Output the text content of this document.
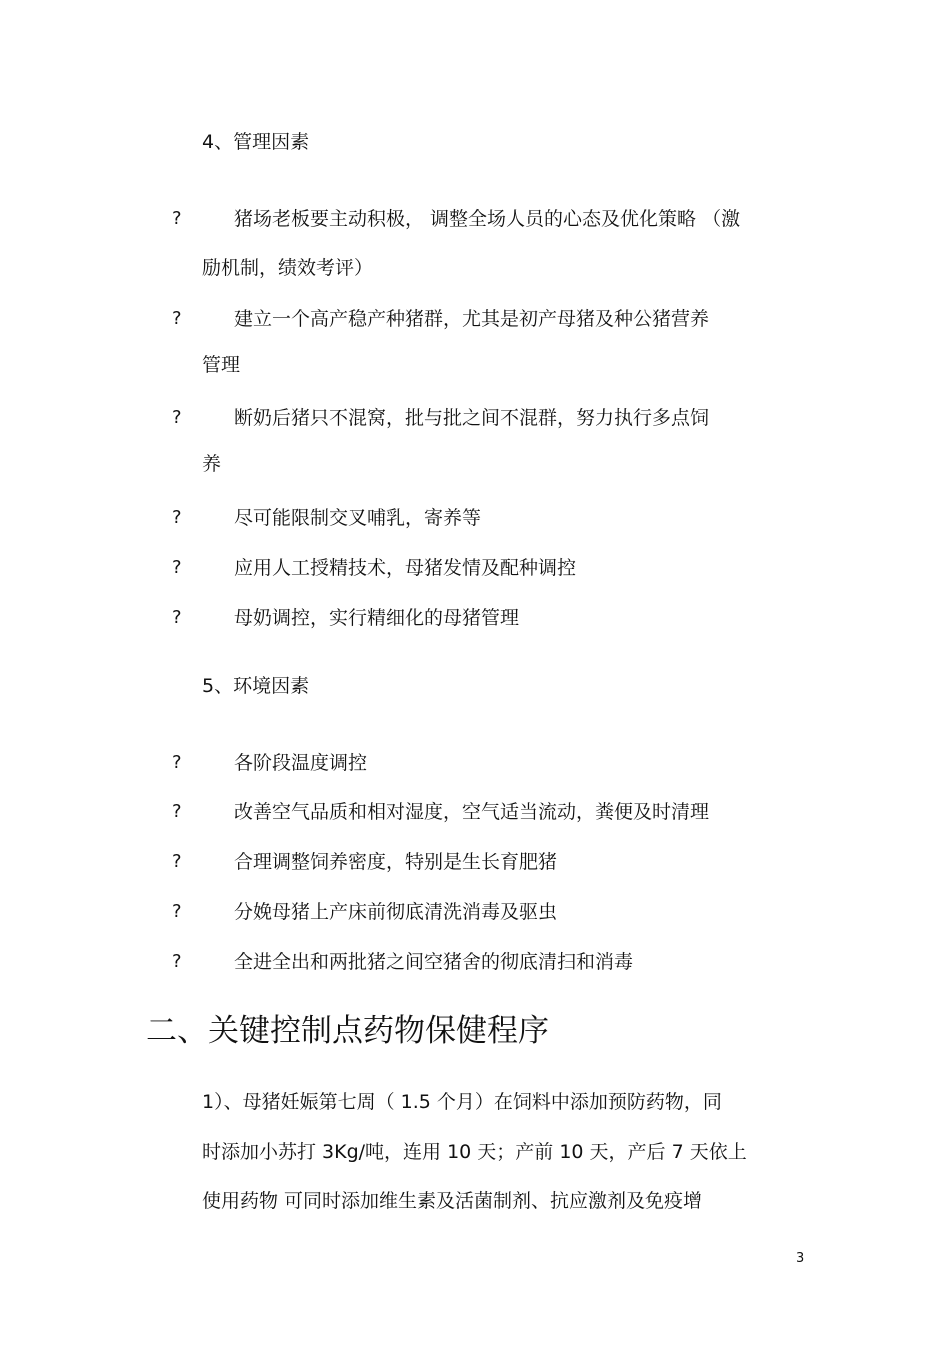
4、管理因素
?	猪场老板要主动积极， 调整全场人员的心态及优化策略 （激
励机制，绩效考评）
?	建立一个高产稳产种猪群，尤其是初产母猪及种公猪营养
管理
?	断奶后猪只不混窝，批与批之间不混群，努力执行多点饲
养
?	尽可能限制交叉哺乳，寄养等
?	应用人工授精技术，母猪发情及配种调控
?	母奶调控，实行精细化的母猪管理
5、环境因素
?	各阶段温度调控
?	改善空气品质和相对湿度，空气适当流动，粪便及时清理
?	合理调整饲养密度，特别是生长育肥猪
?	分娩母猪上产床前彻底清洗消毒及驱虫
?	全进全出和两批猪之间空猪舍的彻底清扫和消毒
二、关键控制点药物保健程序
1）、母猪妊娠第七周（ 1.5 个月）在饲料中添加预防药物，同
时添加小苏打 3Kg/吨，连用 10 天；产前 10 天，产后 7 天依上
使用药物 可同时添加维生素及活菌制剂、抗应激剂及免疫增
3
